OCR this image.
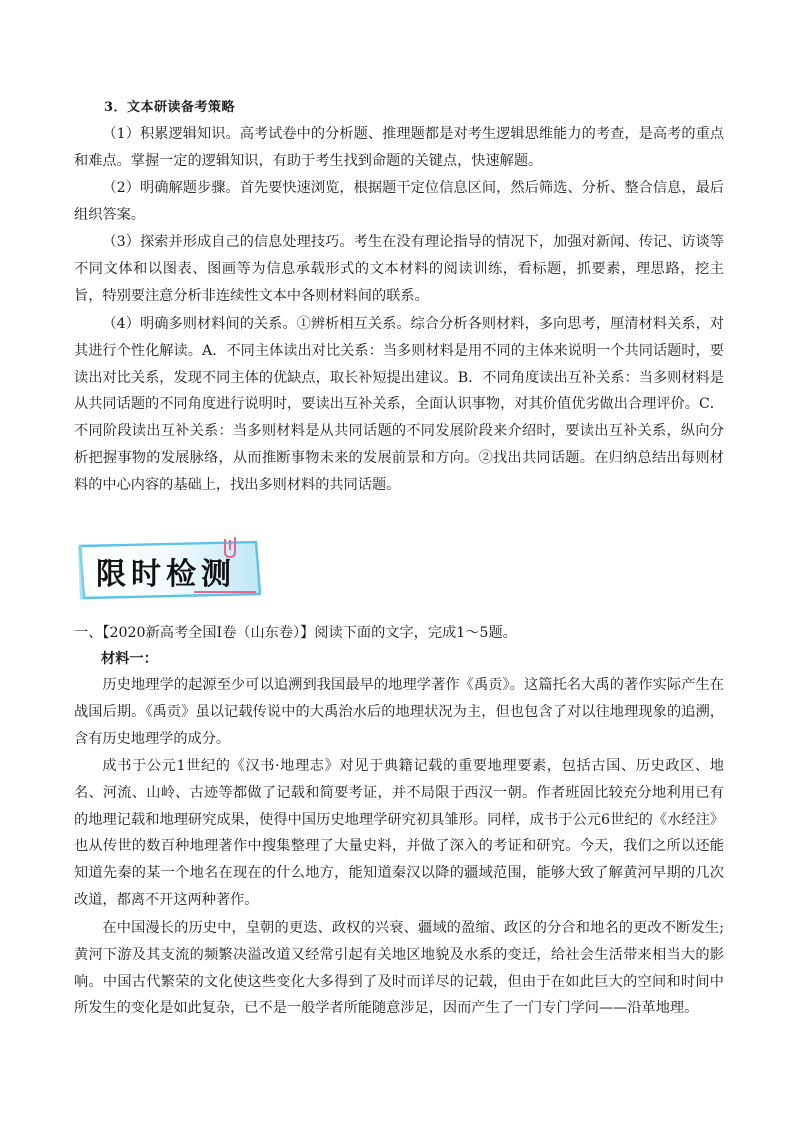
3．文本研读备考策略
（1）积累逻辑知识。高考试卷中的分析题、推理题都是对考生逻辑思维能力的考查，是高考的重点和难点。掌握一定的逻辑知识，有助于考生找到命题的关键点，快速解题。
（2）明确解题步骤。首先要快速浏览，根据题干定位信息区间，然后筛选、分析、整合信息，最后组织答案。
（3）探索并形成自己的信息处理技巧。考生在没有理论指导的情况下，加强对新闻、传记、访谈等不同文体和以图表、图画等为信息承载形式的文本材料的阅读训练，看标题，抓要素，理思路，挖主旨，特别要注意分析非连续性文本中各则材料间的联系。
（4）明确多则材料间的关系。①辨析相互关系。综合分析各则材料，多向思考，厘清材料关系，对其进行个性化解读。A．不同主体读出对比关系：当多则材料是用不同的主体来说明一个共同话题时，要读出对比关系，发现不同主体的优缺点，取长补短提出建议。B．不同角度读出互补关系：当多则材料是从共同话题的不同角度进行说明时，要读出互补关系，全面认识事物，对其价值优劣做出合理评价。C．不同阶段读出互补关系：当多则材料是从共同话题的不同发展阶段来介绍时，要读出互补关系，纵向分析把握事物的发展脉络，从而推断事物未来的发展前景和方向。②找出共同话题。在归纳总结出每则材料的中心内容的基础上，找出多则材料的共同话题。
限时检测
一、【2020新高考全国Ⅰ卷（山东卷）】阅读下面的文字，完成1～5题。
材料一：
历史地理学的起源至少可以追溯到我国最早的地理学著作《禹贡》。这篇托名大禹的著作实际产生在战国后期。《禹贡》虽以记载传说中的大禹治水后的地理状况为主，但也包含了对以往地理现象的追溯，含有历史地理学的成分。
成书于公元1世纪的《汉书·地理志》对见于典籍记载的重要地理要素，包括古国、历史政区、地名、河流、山岭、古迹等都做了记载和简要考证，并不局限于西汉一朝。作者班固比较充分地利用已有的地理记载和地理研究成果，使得中国历史地理学研究初具雏形。同样，成书于公元6世纪的《水经注》也从传世的数百种地理著作中搜集整理了大量史料，并做了深入的考证和研究。今天，我们之所以还能知道先秦的某一个地名在现在的什么地方，能知道秦汉以降的疆域范围，能够大致了解黄河早期的几次改道，都离不开这两种著作。
在中国漫长的历史中，皇朝的更迭、政权的兴衰、疆域的盈缩、政区的分合和地名的更改不断发生;黄河下游及其支流的频繁决溢改道又经常引起有关地区地貌及水系的变迁，给社会生活带来相当大的影响。中国古代繁荣的文化使这些变化大多得到了及时而详尽的记载，但由于在如此巨大的空间和时间中所发生的变化是如此复杂，已不是一般学者所能随意涉足，因而产生了一门专门学问——沿革地理。
